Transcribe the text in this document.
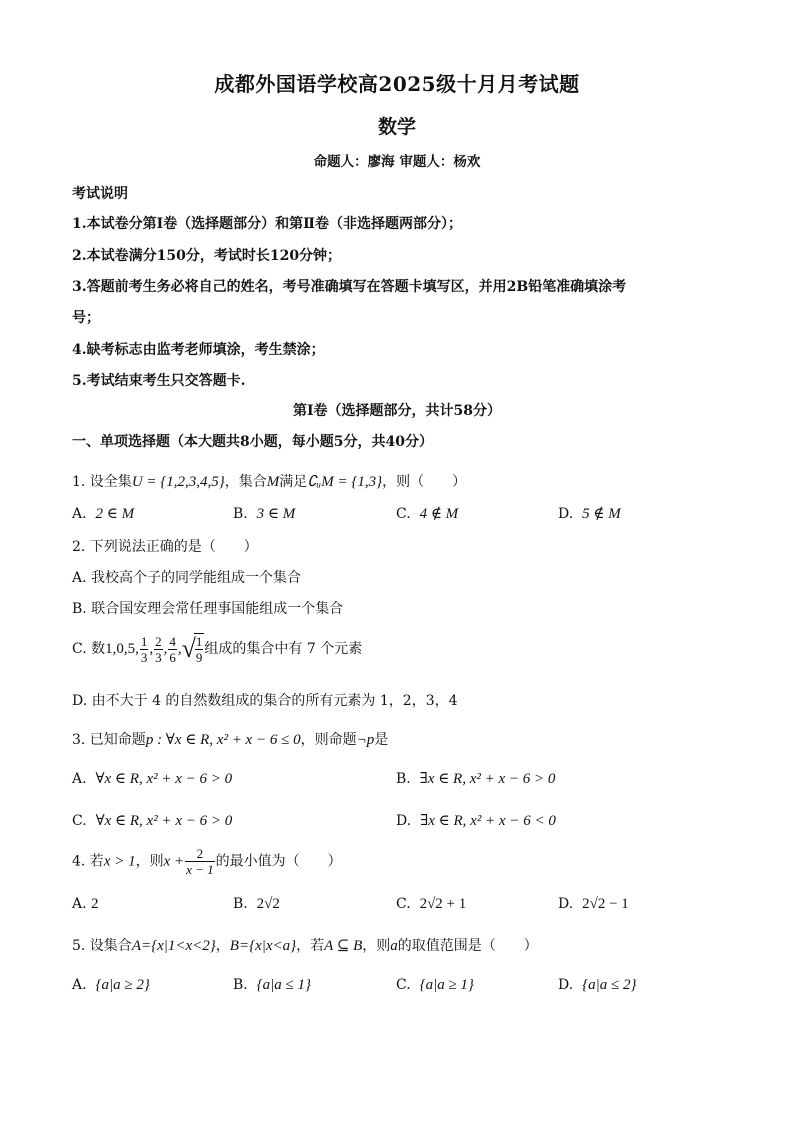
成都外国语学校高2025级十月月考试题
数学
命题人：廖海 审题人：杨欢
考试说明
1.本试卷分第Ⅰ卷（选择题部分）和第Ⅱ卷（非选择题两部分）；
2.本试卷满分150分，考试时长120分钟；
3.答题前考生务必将自己的姓名，考号准确填写在答题卡填写区，并用2B铅笔准确填涂考
号；
4.缺考标志由监考老师填涂，考生禁涂；
5.考试结束考生只交答题卡.
第Ⅰ卷（选择题部分，共计58分）
一、单项选择题（本大题共8小题，每小题5分，共40分）
1. 设全集U = {1,2,3,4,5}，集合M满足∁ᵤM = {1,3}，则（　　）
A. 2 ∈ M	B. 3 ∈ M	C. 4 ∉ M	D. 5 ∉ M
2. 下列说法正确的是（　　）
A. 我校高个子的同学能组成一个集合
B. 联合国安理会常任理事国能组成一个集合
C. 数1,0,5, $\frac{1}{3}$ , $\frac{2}{3}$ , $\frac{4}{6}$ ,√ $\frac{1}{9}$ 组成的集合中有 7 个元素
D. 由不大于 4 的自然数组成的集合的所有元素为 1，2，3，4
3. 已知命题p : ∀x ∈ R, x² + x − 6 ≤ 0，则命题¬p是
A. ∀x ∈ R, x² + x − 6 > 0	B. ∃x ∈ R, x² + x − 6 > 0
C. ∀x ∈ R, x² + x − 6 > 0	D. ∃x ∈ R, x² + x − 6 < 0
4. 若x > 1，则$x + \frac{2}{x - 1}$ 的最小值为（　　）
A. 2	B. 2√2	C. 2√2 + 1	D. 2√2 − 1
5. 设集合A={x|1<x<2}，B={x|x<a}，若A ⊆ B，则a的取值范围是（　　）
A. {a|a ≥ 2}	B. {a|a ≤ 1}	C. {a|a ≥ 1}	D. {a|a ≤ 2}
